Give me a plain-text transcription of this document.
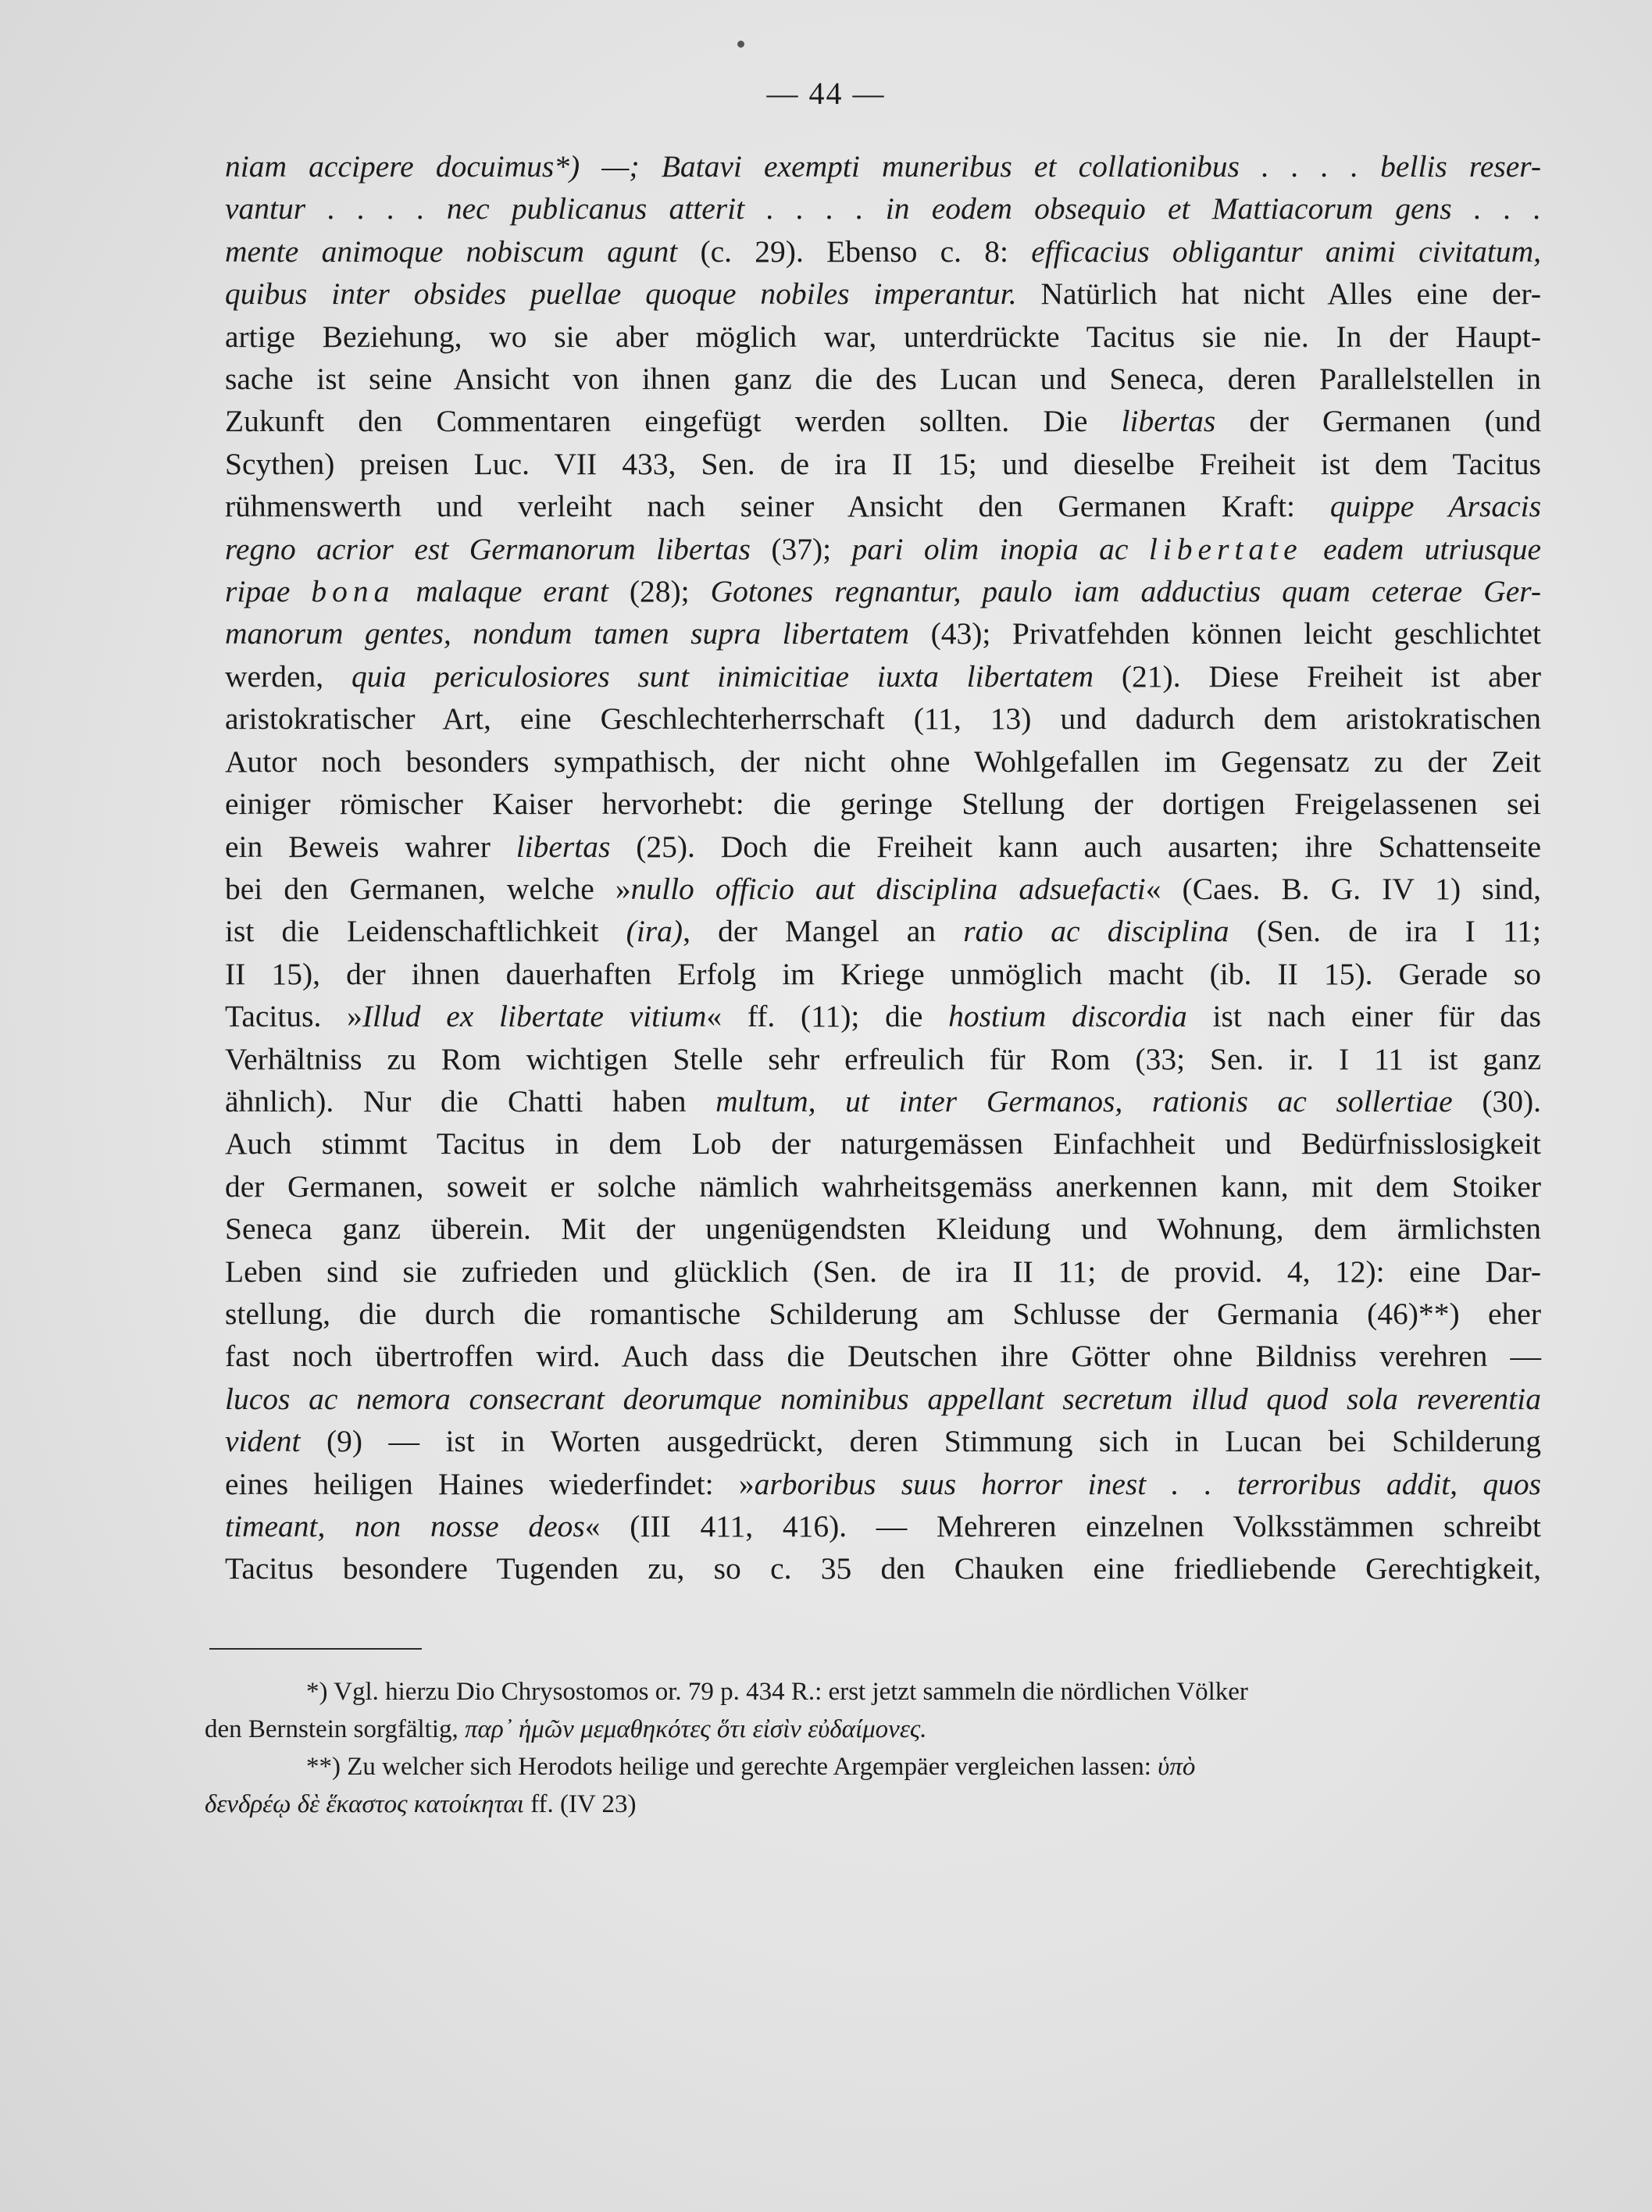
— 44 —
niam accipere docuimus*) —; Batavi exempti muneribus et collationibus . . . . bellis reser-
vantur . . . . nec publicanus atterit . . . . in eodem obsequio et Mattiacorum gens . . .
mente animoque nobiscum agunt (c. 29). Ebenso c. 8: efficacius obligantur animi civitatum,
quibus inter obsides puellae quoque nobiles imperantur. Natürlich hat nicht Alles eine der-
artige Beziehung, wo sie aber möglich war, unterdrückte Tacitus sie nie. In der Haupt-
sache ist seine Ansicht von ihnen ganz die des Lucan und Seneca, deren Parallelstellen in
Zukunft den Commentaren eingefügt werden sollten. Die libertas der Germanen (und
Scythen) preisen Luc. VII 433, Sen. de ira II 15; und dieselbe Freiheit ist dem Tacitus
rühmenswerth und verleiht nach seiner Ansicht den Germanen Kraft: quippe Arsacis
regno acrior est Germanorum libertas (37); pari olim inopia ac libertate eadem utriusque
ripae bona malaque erant (28); Gotones regnantur, paulo iam adductius quam ceterae Ger-
manorum gentes, nondum tamen supra libertatem (43); Privatfehden können leicht geschlichtet
werden, quia periculosiores sunt inimicitiae iuxta libertatem (21). Diese Freiheit ist aber
aristokratischer Art, eine Geschlechterherrschaft (11, 13) und dadurch dem aristokratischen
Autor noch besonders sympathisch, der nicht ohne Wohlgefallen im Gegensatz zu der Zeit
einiger römischer Kaiser hervorhebt: die geringe Stellung der dortigen Freigelassenen sei
ein Beweis wahrer libertas (25). Doch die Freiheit kann auch ausarten; ihre Schattenseite
bei den Germanen, welche »nullo officio aut disciplina adsuefacti« (Caes. B. G. IV 1) sind,
ist die Leidenschaftlichkeit (ira), der Mangel an ratio ac disciplina (Sen. de ira I 11;
II 15), der ihnen dauerhaften Erfolg im Kriege unmöglich macht (ib. II 15). Gerade so
Tacitus. »Illud ex libertate vitium« ff. (11); die hostium discordia ist nach einer für das
Verhältniss zu Rom wichtigen Stelle sehr erfreulich für Rom (33; Sen. ir. I 11 ist ganz
ähnlich). Nur die Chatti haben multum, ut inter Germanos, rationis ac sollertiae (30).
Auch stimmt Tacitus in dem Lob der naturgemässen Einfachheit und Bedürfnisslosigkeit
der Germanen, soweit er solche nämlich wahrheitsgemäss anerkennen kann, mit dem Stoiker
Seneca ganz überein. Mit der ungenügendsten Kleidung und Wohnung, dem ärmlichsten
Leben sind sie zufrieden und glücklich (Sen. de ira II 11; de provid. 4, 12): eine Dar-
stellung, die durch die romantische Schilderung am Schlusse der Germania (46)**) eher
fast noch übertroffen wird. Auch dass die Deutschen ihre Götter ohne Bildniss verehren —
lucos ac nemora consecrant deorumque nominibus appellant secretum illud quod sola reverentia
vident (9) — ist in Worten ausgedrückt, deren Stimmung sich in Lucan bei Schilderung
eines heiligen Haines wiederfindet: »arboribus suus horror inest . . terroribus addit, quos
timeant, non nosse deos« (III 411, 416). — Mehreren einzelnen Volksstämmen schreibt
Tacitus besondere Tugenden zu, so c. 35 den Chauken eine friedliebende Gerechtigkeit,
*) Vgl. hierzu Dio Chrysostomos or. 79 p. 434 R.: erst jetzt sammeln die nördlichen Völker
den Bernstein sorgfältig, παρ᾽ ἡμῶν μεμαθηκότες ὅτι εἰσὶν εὐδαίμονες.
**) Zu welcher sich Herodots heilige und gerechte Argempäer vergleichen lassen: ὑπὸ
δενδρέῳ δὲ ἕκαστος κατοίκηται ff. (IV 23)
